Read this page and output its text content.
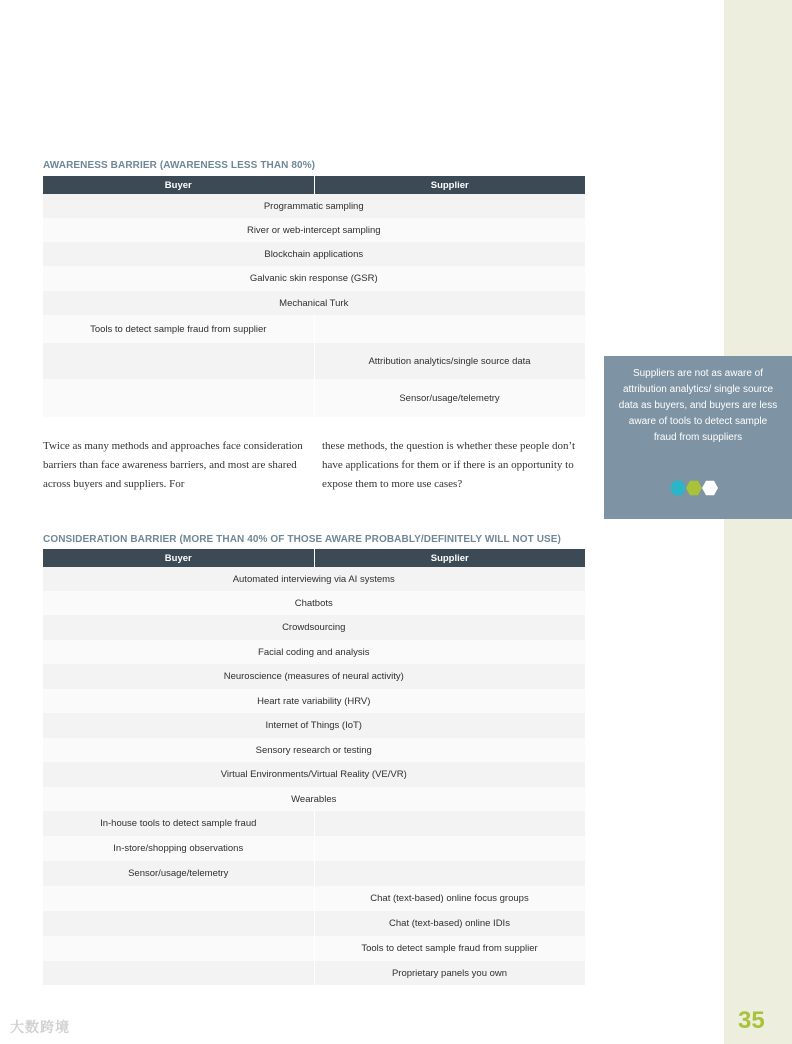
AWARENESS BARRIER (AWARENESS LESS THAN 80%)
Buyer	Supplier
Programmatic sampling	
River or web-intercept sampling	
Blockchain applications	
Galvanic skin response (GSR)	
Mechanical Turk	
Tools to detect sample fraud from supplier	
	Attribution analytics/single source data
	Sensor/usage/telemetry
Twice as many methods and approaches face consideration barriers than face awareness barriers, and most are shared across buyers and suppliers. For
these methods, the question is whether these people don’t have applications for them or if there is an opportunity to expose them to more use cases?
Suppliers are not as aware of attribution analytics/ single source data as buyers, and buyers are less aware of tools to detect sample fraud from suppliers
CONSIDERATION BARRIER (MORE THAN 40% OF THOSE AWARE PROBABLY/DEFINITELY WILL NOT USE)
Buyer	Supplier
Automated interviewing via AI systems	
Chatbots	
Crowdsourcing	
Facial coding and analysis	
Neuroscience (measures of neural activity)	
Heart rate variability (HRV)	
Internet of Things (IoT)	
Sensory research or testing	
Virtual Environments/Virtual Reality (VE/VR)	
Wearables	
In-house tools to detect sample fraud	
In-store/shopping observations	
Sensor/usage/telemetry	
	Chat (text-based) online focus groups
	Chat (text-based) online IDIs
	Tools to detect sample fraud from supplier
	Proprietary panels you own
大数跨境	35
